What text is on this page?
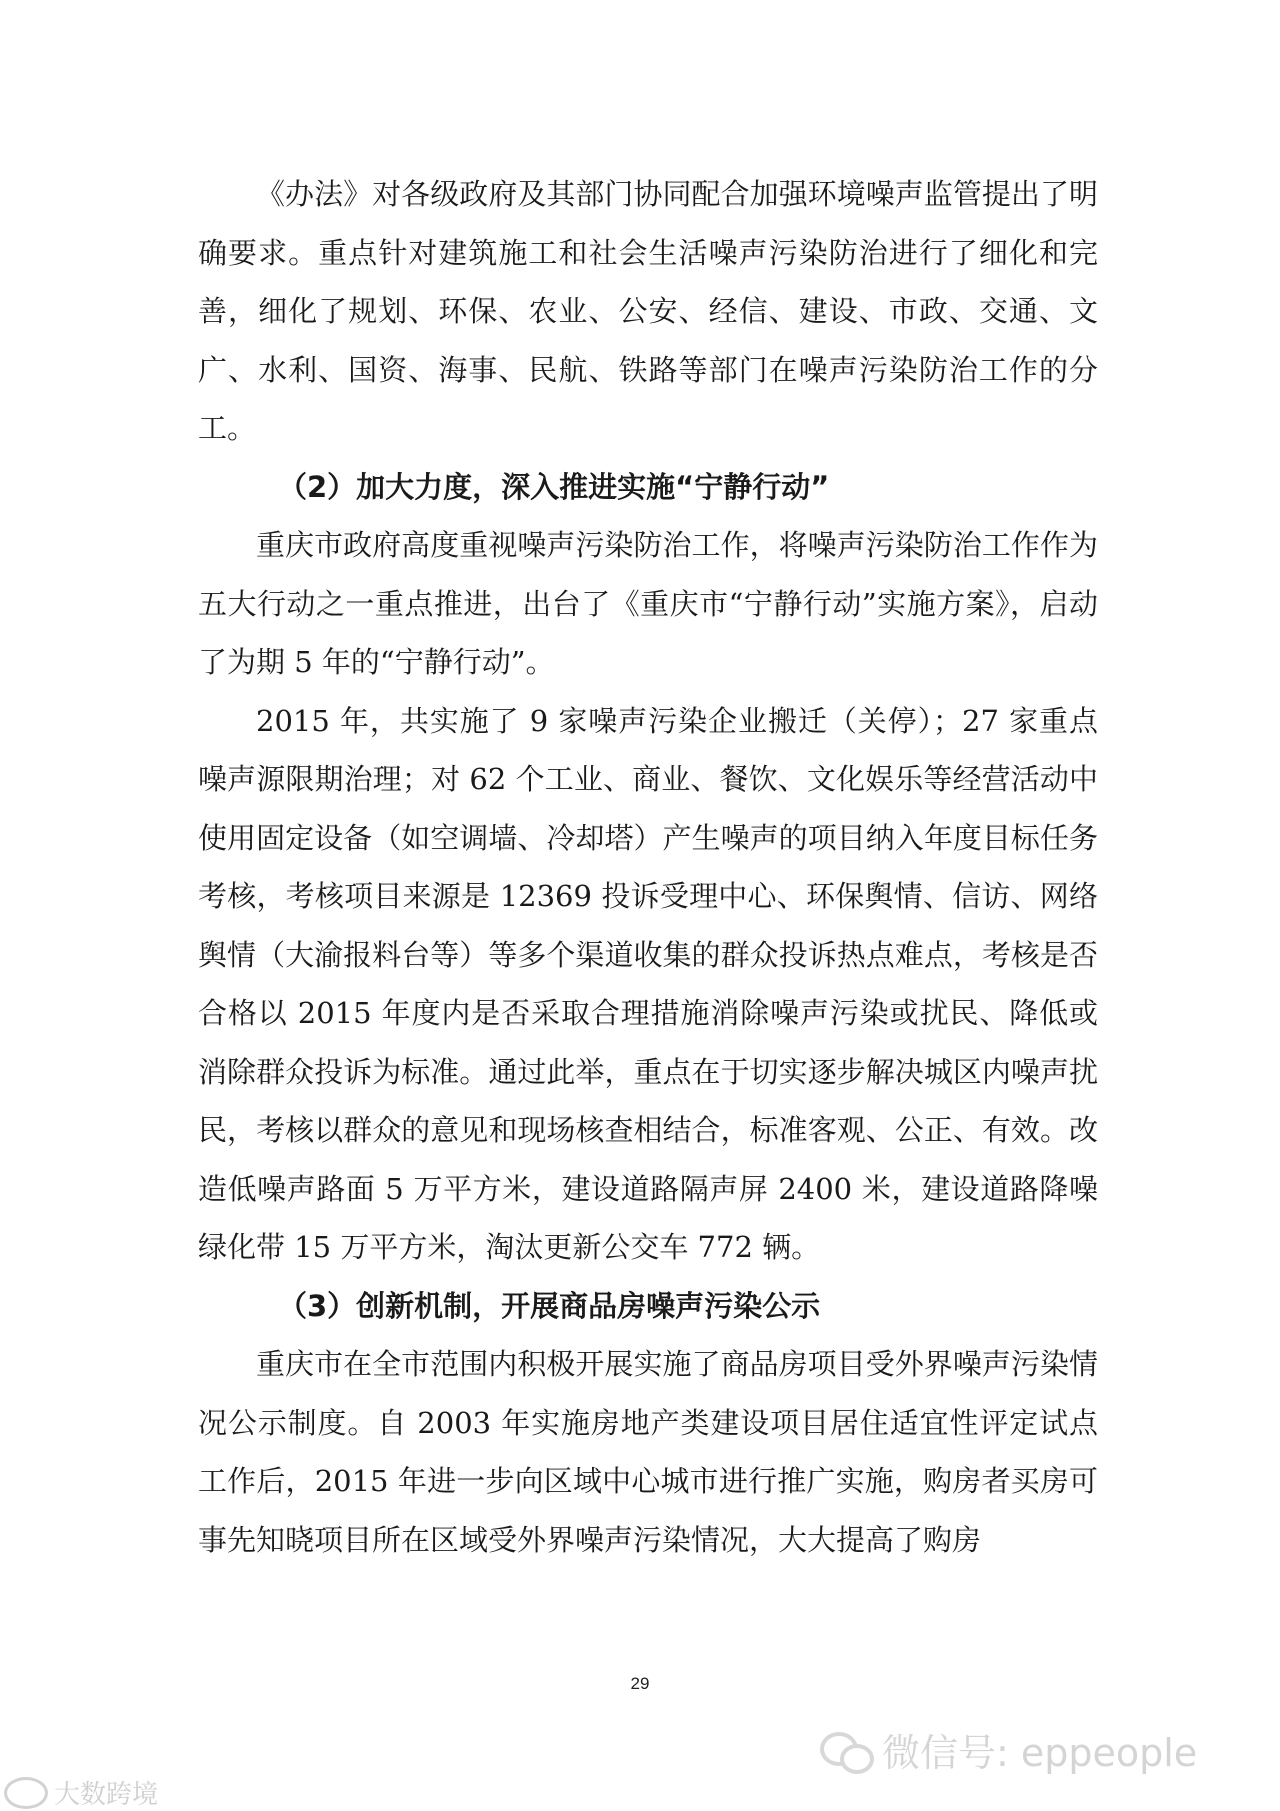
《办法》对各级政府及其部门协同配合加强环境噪声监管提出了明确要求。重点针对建筑施工和社会生活噪声污染防治进行了细化和完善，细化了规划、环保、农业、公安、经信、建设、市政、交通、文广、水利、国资、海事、民航、铁路等部门在噪声污染防治工作的分工。

（2）加大力度，深入推进实施“宁静行动”

重庆市政府高度重视噪声污染防治工作，将噪声污染防治工作作为五大行动之一重点推进，出台了《重庆市“宁静行动”实施方案》，启动了为期 5 年的“宁静行动”。

2015 年，共实施了 9 家噪声污染企业搬迁（关停）；27 家重点噪声源限期治理；对 62 个工业、商业、餐饮、文化娱乐等经营活动中使用固定设备（如空调墙、冷却塔）产生噪声的项目纳入年度目标任务考核，考核项目来源是 12369 投诉受理中心、环保舆情、信访、网络舆情（大渝报料台等）等多个渠道收集的群众投诉热点难点，考核是否合格以 2015 年度内是否采取合理措施消除噪声污染或扰民、降低或消除群众投诉为标准。通过此举，重点在于切实逐步解决城区内噪声扰民，考核以群众的意见和现场核查相结合，标准客观、公正、有效。改造低噪声路面 5 万平方米，建设道路隔声屏 2400 米，建设道路降噪绿化带 15 万平方米，淘汰更新公交车 772 辆。

（3）创新机制，开展商品房噪声污染公示

重庆市在全市范围内积极开展实施了商品房项目受外界噪声污染情况公示制度。自 2003 年实施房地产类建设项目居住适宜性评定试点工作后，2015 年进一步向区域中心城市进行推广实施，购房者买房可事先知晓项目所在区域受外界噪声污染情况，大大提高了购房

29
微信号: eppeople
大数跨境
